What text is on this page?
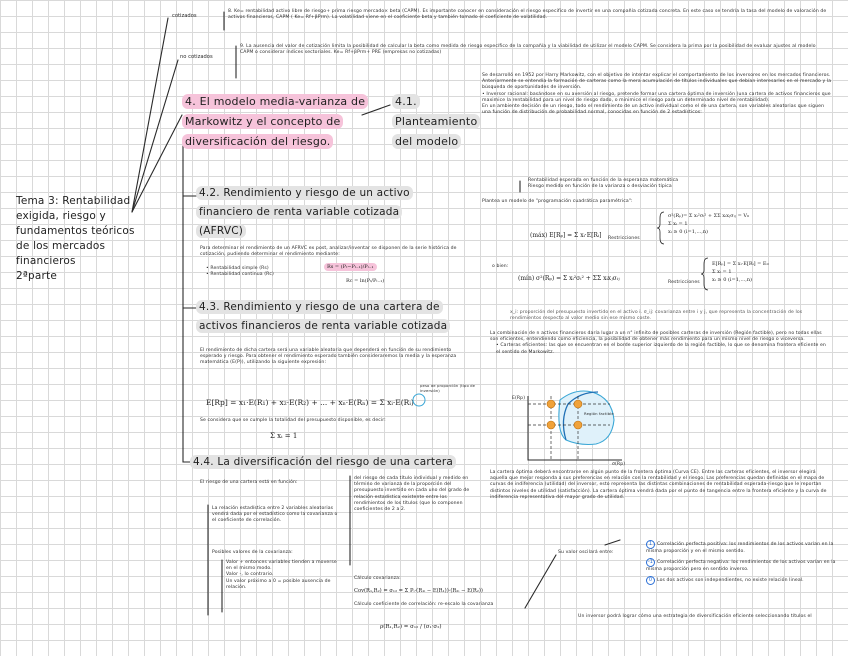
Tema 3: Rentabilidad
exigida, riesgo y
fundamentos teóricos
de los mercados
financieros
2ªparte
cotizados
no cotizados
8. Ke= rentabilidad activo libre de riesgo+ prima riesgo mercado× beta (CAPM). Es importante conocer en consideración el riesgo especifico de invertir en una compañía cotizada concreta. En este caso se tendría la tasa del modelo de valoración de activos financieros, CAPM ( Ke= Rf+βPrm). La volatilidad viene en el coeficiente beta y también tomado el coeficiente de volatilidad.
9. La ausencia del valor de cotización limita la posibilidad de calcular la beta como medida de riesgo específico de la compañía y la viabilidad de utilizar el modelo CAPM. Se considera la prima por la posibilidad de evaluar ajustes al modelo CAPM o considerar índices sectoriales. Ke= Rf+βPrm+ PRE (empresas no cotizadas)
4. El modelo media-varianza de Markowitz y el concepto de diversificación del riesgo.
4.1. Planteamiento del modelo
Se desarrolló en 1952 por Harry Markowitz, con el objetivo de intentar explicar el comportamiento de los inversores en los mercados financieros. Anteriormente se entendía la formación de carteras como la mera acumulación de títulos individuales que debían interesarles en el mercado y la búsqueda de oportunidades de inversión.
• Inversor racional: basándose en su aversión al riesgo, pretende formar una cartera óptima de inversión (una cartera de activos financieros que maximice la rentabilidad para un nivel de riesgo dado, o minimice el riesgo para un determinado nivel de rentabilidad).
En un ambiente decisión de un riesgo, todo el rendimiento de un activo individual como el de una cartera, son variables aleatorias que siguen una función de distribución de probabilidad normal, conocidas en función de 2 estadísticos:
Rentabilidad esperada en función de la esperanza matemática
Riesgo medido en función de la varianza o desviación típica
Plantea un modelo de "programación cuadrática paramétrica":
(máx) E[Rₚ] = Σ xᵢ·E[Rᵢ] Restricciones
σ²(Rₚ)= Σ xᵢ²σᵢ² + ΣΣ xᵢxⱼσᵢⱼ = V₀
Σ xᵢ = 1
xᵢ ≥ 0 (i=1,...,n)
o bien:
(mín) σ²(Rₚ) = Σ xᵢ²σᵢ² + ΣΣ xᵢxⱼσᵢⱼ
Restricciones
E[Rₚ] = Σ xᵢ·E[Rᵢ] = E₀
Σ xᵢ = 1
xᵢ ≥ 0 (i=1,...,n)
x_i: proporción del presupuesto invertido en el activo i. σ_ij: covarianza entre i y j, que representa la concentración de los rendimientos respecto al valor medio sin ese mismo coste.
La combinación de n activos financieros daría lugar a un n° infinito de posibles carteras de inversión (Región factible), pero no todas ellas son eficientes, entendiendo como eficiencia, la posibilidad de obtener más rendimiento para un mismo nivel de riesgo o viceversa.
• Carteras eficientes: las que se encuentran en el borde superior izquierdo de la región factible, lo que se denomina frontera eficiente en el sentido de Markowitz.
E(Rp)
σ(Rp)
Región factible
La cartera óptima deberá encontrarse en algún punto de la frontera óptima (Curva CE). Entre las carteras eficientes, el inversor elegirá aquella que mejor responda a sus preferencias en relación con la rentabilidad y el riesgo. Las preferencias quedan definidas en el mapa de curvas de indiferencia (utilidad) del inversor, esto representa las distintas combinaciones de rentabilidad esperada-riesgo que le reportan distintos niveles de utilidad (satisfacción). La cartera óptima vendrá dada por el punto de tangencia entre la frontera eficiente y la curva de indiferencia representativa del mayor grado de utilidad.
4.2. Rendimiento y riesgo de un activo financiero de renta variable cotizada (AFRVC)
Para determinar el rendimiento de un AFRVC ex post, analizar/inventar se disponen de la serie histórica de cotización, pudiendo determinar el rendimiento mediante:
• Rentabilidad simple (Rs)
• Rentabilidad continua (Rc)
Rs = (Pₜ−Pₜ₋₁)/Pₜ₋₁
Rc = ln(Pₜ/Pₜ₋₁)
4.3. Rendimiento y riesgo de una cartera de activos financieros de renta variable cotizada
El rendimiento de dicha cartera será una variable aleatoria que dependerá en función de su rendimiento esperado y riesgo. Para obtener el rendimiento esperado también consideraremos la media y la esperanza matemática (E(P)), utilizando la siguiente expresión:
E[Rp] = x₁·E(R₁) + x₂·E(R₂) + ... + xₙ·E(Rₙ) = Σ xᵢ·E(Rᵢ)
peso de proporción (tipo de inversión)
Se considera que se cumple la totalidad del presupuesto disponible, es decir:
Σ xᵢ = 1
4.4. La diversificación del riesgo de una cartera
El riesgo de una cartera está en función:
del riesgo de cada título individual y medido en término de varianza de la proporción del presupuesto invertido en cada uno del grado de relación estadística existente entre los rendimientos de los títulos (que lo componen coeficientes de 2 a 2.
La relación estadística entre 2 variables aleatorias vendrá dada por el estadístico como la covarianza o el coeficiente de correlación.
Posibles valores de la covarianza:
Valor + entonces variables tienden a moverse en el mismo modo.
Valor -, lo contrario.
Un valor próximo a 0 = posible ausencia de relación.
Cálculo covarianza:
Cov(R₁,R₂) = σ₁₂ = Σ Pᵢ·(R₁ᵢ − E(R₁))·(R₂ᵢ − E(R₂))
Cálculo coeficiente de correlación: re-escalo la covarianza
ρ(R₁,R₂) = σ₁₂ / (σ₁·σ₂)
Su valor oscilará entre:
1 Correlación perfecta positiva: los rendimientos de los activos varían en la misma proporción y en el mismo sentido.
-1 Correlación perfecta negativa: los rendimientos de los activos varían en la misma proporción pero en sentido inverso.
0 Los dos activos son independientes, no existe relación lineal.
Un inversor podrá lograr cómo una estrategia de diversificación eficiente seleccionando títulos el
